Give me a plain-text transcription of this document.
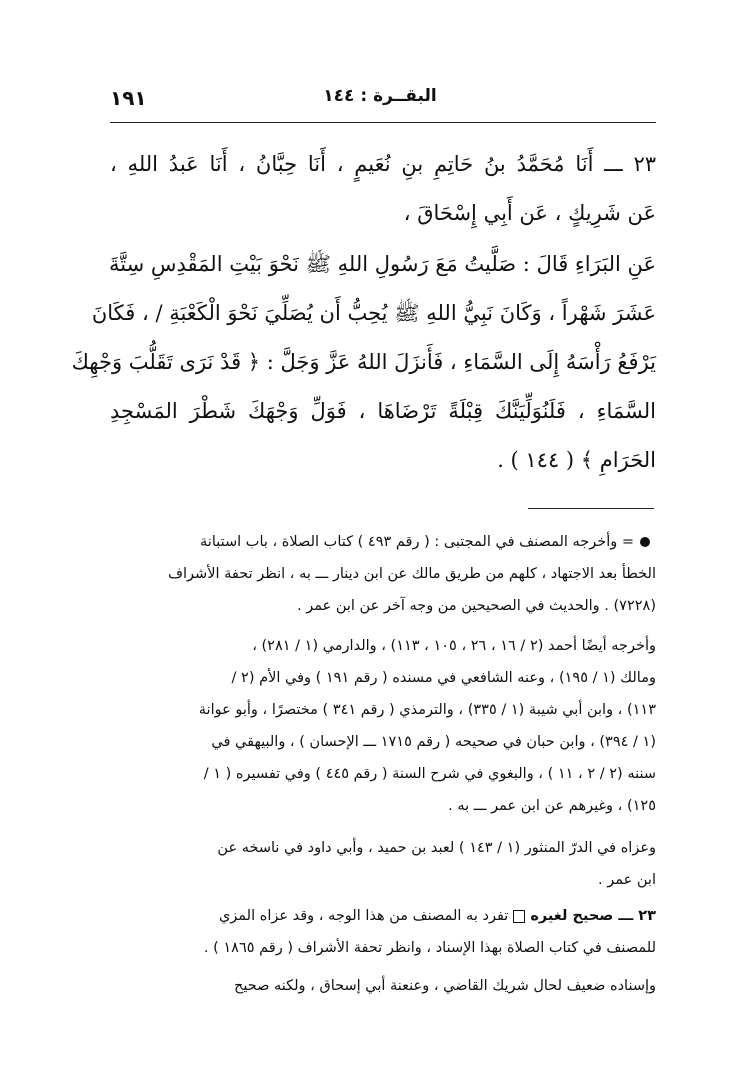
١٩١	البقــرة : ١٤٤
٢٣ ـــ أَنَا مُحَمَّدُ بنُ حَاتِمِ بنِ نُعَيمٍ ، أَنَا حِبَّانُ ، أَنَا عَبدُ اللهِ ،
عَن شَرِيكٍ ، عَن أَبِي إِسْحَاقَ ،
عَنِ البَرَاءِ قَالَ : صَلَّيتُ مَعَ رَسُولِ اللهِ ﷺ نَحْوَ بَيْتِ المَقْدِسِ سِتَّةَ
عَشَرَ شَهْراً ، وَكَانَ نَبِيُّ اللهِ ﷺ يُحِبُّ أَن يُصَلِّيَ نَحْوَ الْكَعْبَةِ / ، فَكَانَ
يَرْفَعُ رَأْسَهُ إِلَى السَّمَاءِ ، فَأَنزَلَ اللهُ عَزَّ وَجَلَّ : ﴿ قَدْ نَرَى تَقَلُّبَ وَجْهِكَ
السَّمَاءِ ، فَلَنُوَلِّيَنَّكَ قِبْلَةً تَرْضَاهَا ، فَوَلِّ وَجْهَكَ شَطْرَ المَسْجِدِ
الحَرَامِ ﴾ ( ١٤٤ ) .

= وأخرجه المصنف في المجتبى : ( رقم ٤٩٣ ) كتاب الصلاة ، باب استبانة

الخطأ بعد الاجتهاد ، كلهم من طريق مالك عن ابن دينار ـــ به ، انظر تحفة الأشراف

(٧٢٢٨) . والحديث في الصحيحين من وجه آخر عن ابن عمر .

وأخرجه أيضًا أحمد (٢ / ١٦ ، ٢٦ ، ١٠٥ ، ١١٣) ، والدارمي (١ / ٢٨١) ،

ومالك (١ / ١٩٥) ، وعنه الشافعي في مسنده ( رقم ١٩١ ) وفي الأم (٢ /

١١٣) ، وابن أبي شيبة (١ / ٣٣٥) ، والترمذي ( رقم ٣٤١ ) مختصرًا ، وأبو عوانة

(١ / ٣٩٤) ، وابن حبان في صحيحه ( رقم ١٧١٥ ـــ الإحسان ) ، والبيهقي في

سننه (٢ / ٢ ، ١١ ) ، والبغوي في شرح السنة ( رقم ٤٤٥ ) وفي تفسيره ( ١ /

١٢٥) ، وغيرهم عن ابن عمر ـــ به .

وعزاه في الدرّ المنثور (١ / ١٤٣ ) لعبد بن حميد ، وأبي داود في ناسخه عن

ابن عمر .

٢٣ ـــ صحيح لغيرهتفرد به المصنف من هذا الوجه ، وقد عزاه المزي

للمصنف في كتاب الصلاة بهذا الإسناد ، وانظر تحفة الأشراف ( رقم ١٨٦٥ ) .

وإسناده ضعيف لحال شريك القاضي ، وعنعنة أبي إسحاق ، ولكنه صحيح
